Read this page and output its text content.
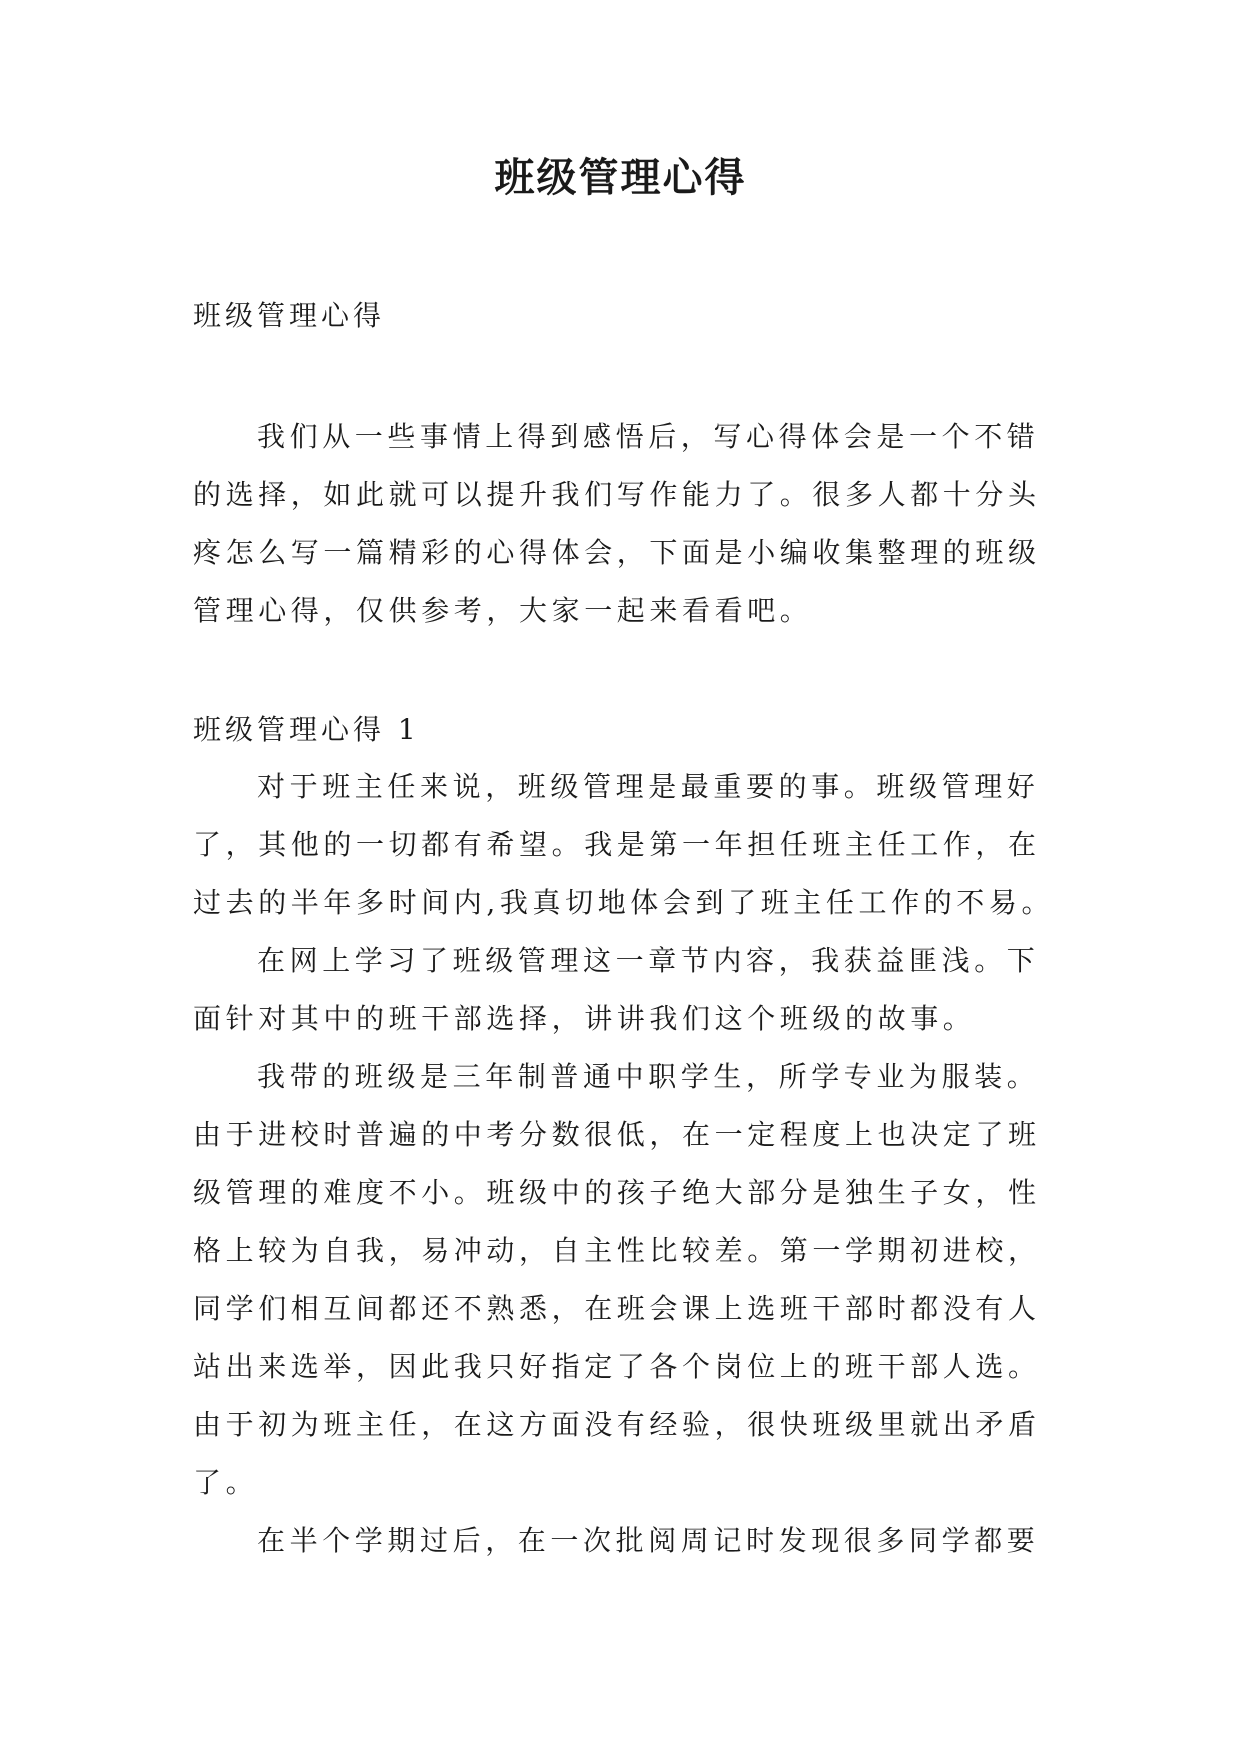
班级管理心得

班级管理心得

我们从一些事情上得到感悟后，写心得体会是一个不错的选择，如此就可以提升我们写作能力了。很多人都十分头疼怎么写一篇精彩的心得体会，下面是小编收集整理的班级管理心得，仅供参考，大家一起来看看吧。

班级管理心得 1

对于班主任来说，班级管理是最重要的事。班级管理好了，其他的一切都有希望。我是第一年担任班主任工作，在过去的半年多时间内,我真切地体会到了班主任工作的不易。

在网上学习了班级管理这一章节内容，我获益匪浅。下面针对其中的班干部选择，讲讲我们这个班级的故事。

我带的班级是三年制普通中职学生，所学专业为服装。由于进校时普遍的中考分数很低，在一定程度上也决定了班级管理的难度不小。班级中的孩子绝大部分是独生子女，性格上较为自我，易冲动，自主性比较差。第一学期初进校，同学们相互间都还不熟悉，在班会课上选班干部时都没有人站出来选举，因此我只好指定了各个岗位上的班干部人选。由于初为班主任，在这方面没有经验，很快班级里就出矛盾了。

在半个学期过后，在一次批阅周记时发现很多同学都要
